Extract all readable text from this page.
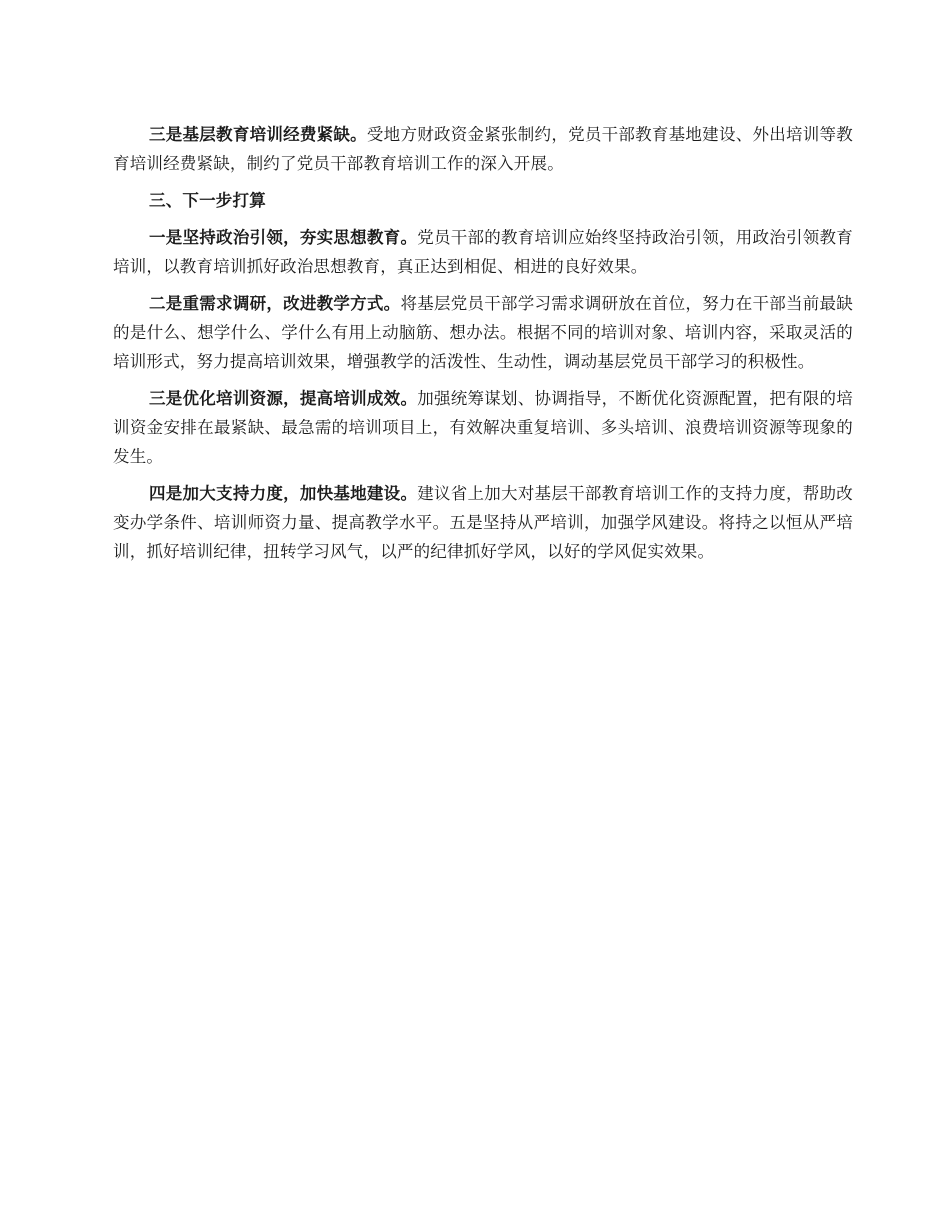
三是基层教育培训经费紧缺。受地方财政资金紧张制约，党员干部教育基地建设、外出培训等教育培训经费紧缺，制约了党员干部教育培训工作的深入开展。

三、下一步打算

一是坚持政治引领，夯实思想教育。党员干部的教育培训应始终坚持政治引领，用政治引领教育培训，以教育培训抓好政治思想教育，真正达到相促、相进的良好效果。

二是重需求调研，改进教学方式。将基层党员干部学习需求调研放在首位，努力在干部当前最缺的是什么、想学什么、学什么有用上动脑筋、想办法。根据不同的培训对象、培训内容，采取灵活的培训形式，努力提高培训效果，增强教学的活泼性、生动性，调动基层党员干部学习的积极性。

三是优化培训资源，提高培训成效。加强统筹谋划、协调指导，不断优化资源配置，把有限的培训资金安排在最紧缺、最急需的培训项目上，有效解决重复培训、多头培训、浪费培训资源等现象的发生。

四是加大支持力度，加快基地建设。建议省上加大对基层干部教育培训工作的支持力度，帮助改变办学条件、培训师资力量、提高教学水平。五是坚持从严培训，加强学风建设。将持之以恒从严培训，抓好培训纪律，扭转学习风气，以严的纪律抓好学风，以好的学风促实效果。
